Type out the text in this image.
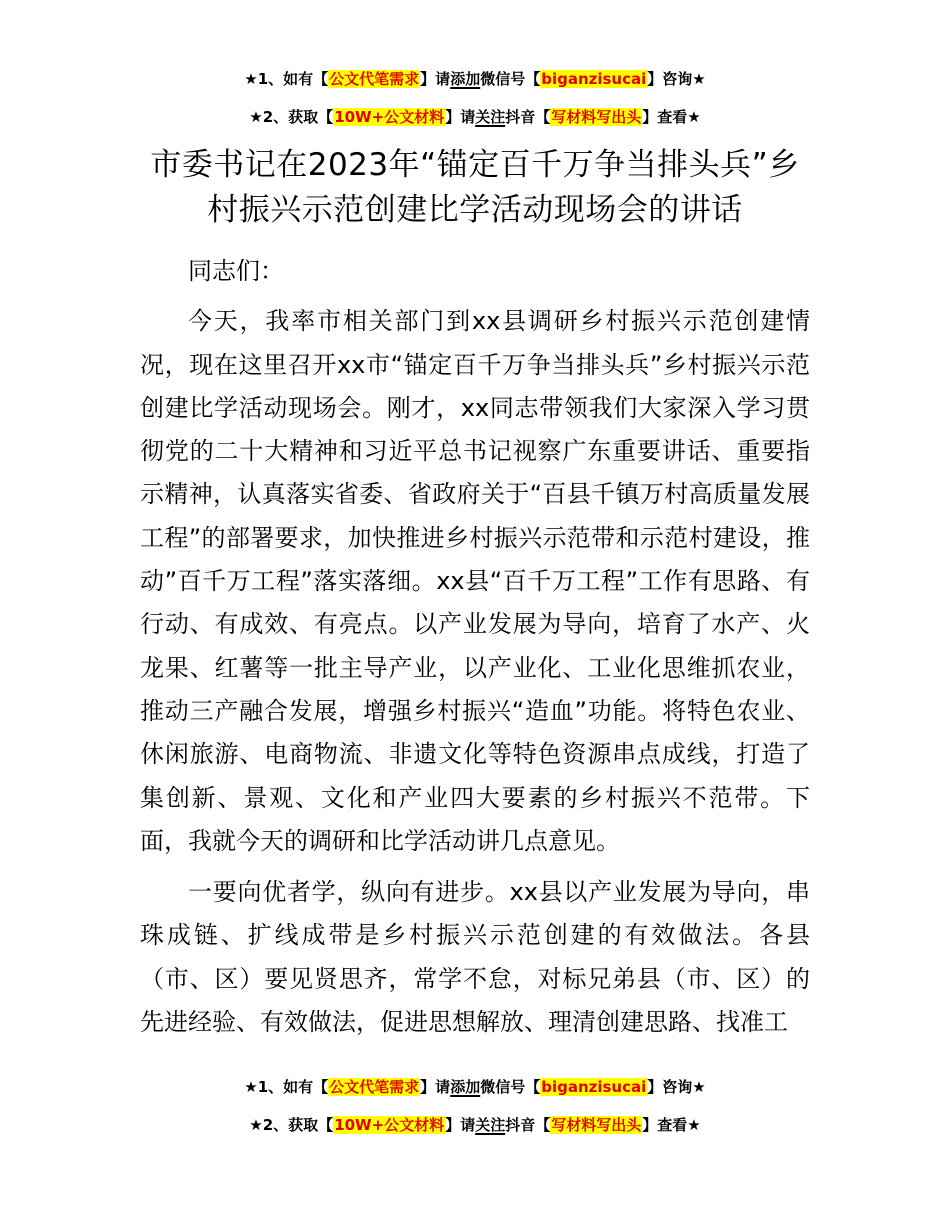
★1、如有【公文代笔需求】请添加微信号【biganzisucai】咨询★
★2、获取【10W+公文材料】请关注抖音【写材料写出头】查看★
市委书记在2023年“锚定百千万争当排头兵”乡村振兴示范创建比学活动现场会的讲话

同志们：

今天，我率市相关部门到xx县调研乡村振兴示范创建情况，现在这里召开xx市“锚定百千万争当排头兵”乡村振兴示范创建比学活动现场会。刚才，xx同志带领我们大家深入学习贯彻党的二十大精神和习近平总书记视察广东重要讲话、重要指示精神，认真落实省委、省政府关于“百县千镇万村高质量发展工程”的部署要求，加快推进乡村振兴示范带和示范村建设，推动”百千万工程”落实落细。xx县“百千万工程”工作有思路、有行动、有成效、有亮点。以产业发展为导向，培育了水产、火龙果、红薯等一批主导产业，以产业化、工业化思维抓农业，推动三产融合发展，增强乡村振兴“造血”功能。将特色农业、休闲旅游、电商物流、非遗文化等特色资源串点成线，打造了集创新、景观、文化和产业四大要素的乡村振兴不范带。下面，我就今天的调研和比学活动讲几点意见。

一要向优者学，纵向有进步。xx县以产业发展为导向，串珠成链、扩线成带是乡村振兴示范创建的有效做法。各县（市、区）要见贤思齐，常学不怠，对标兄弟县（市、区）的先进经验、有效做法，促进思想解放、理清创建思路、找准工

★1、如有【公文代笔需求】请添加微信号【biganzisucai】咨询★
★2、获取【10W+公文材料】请关注抖音【写材料写出头】查看★
